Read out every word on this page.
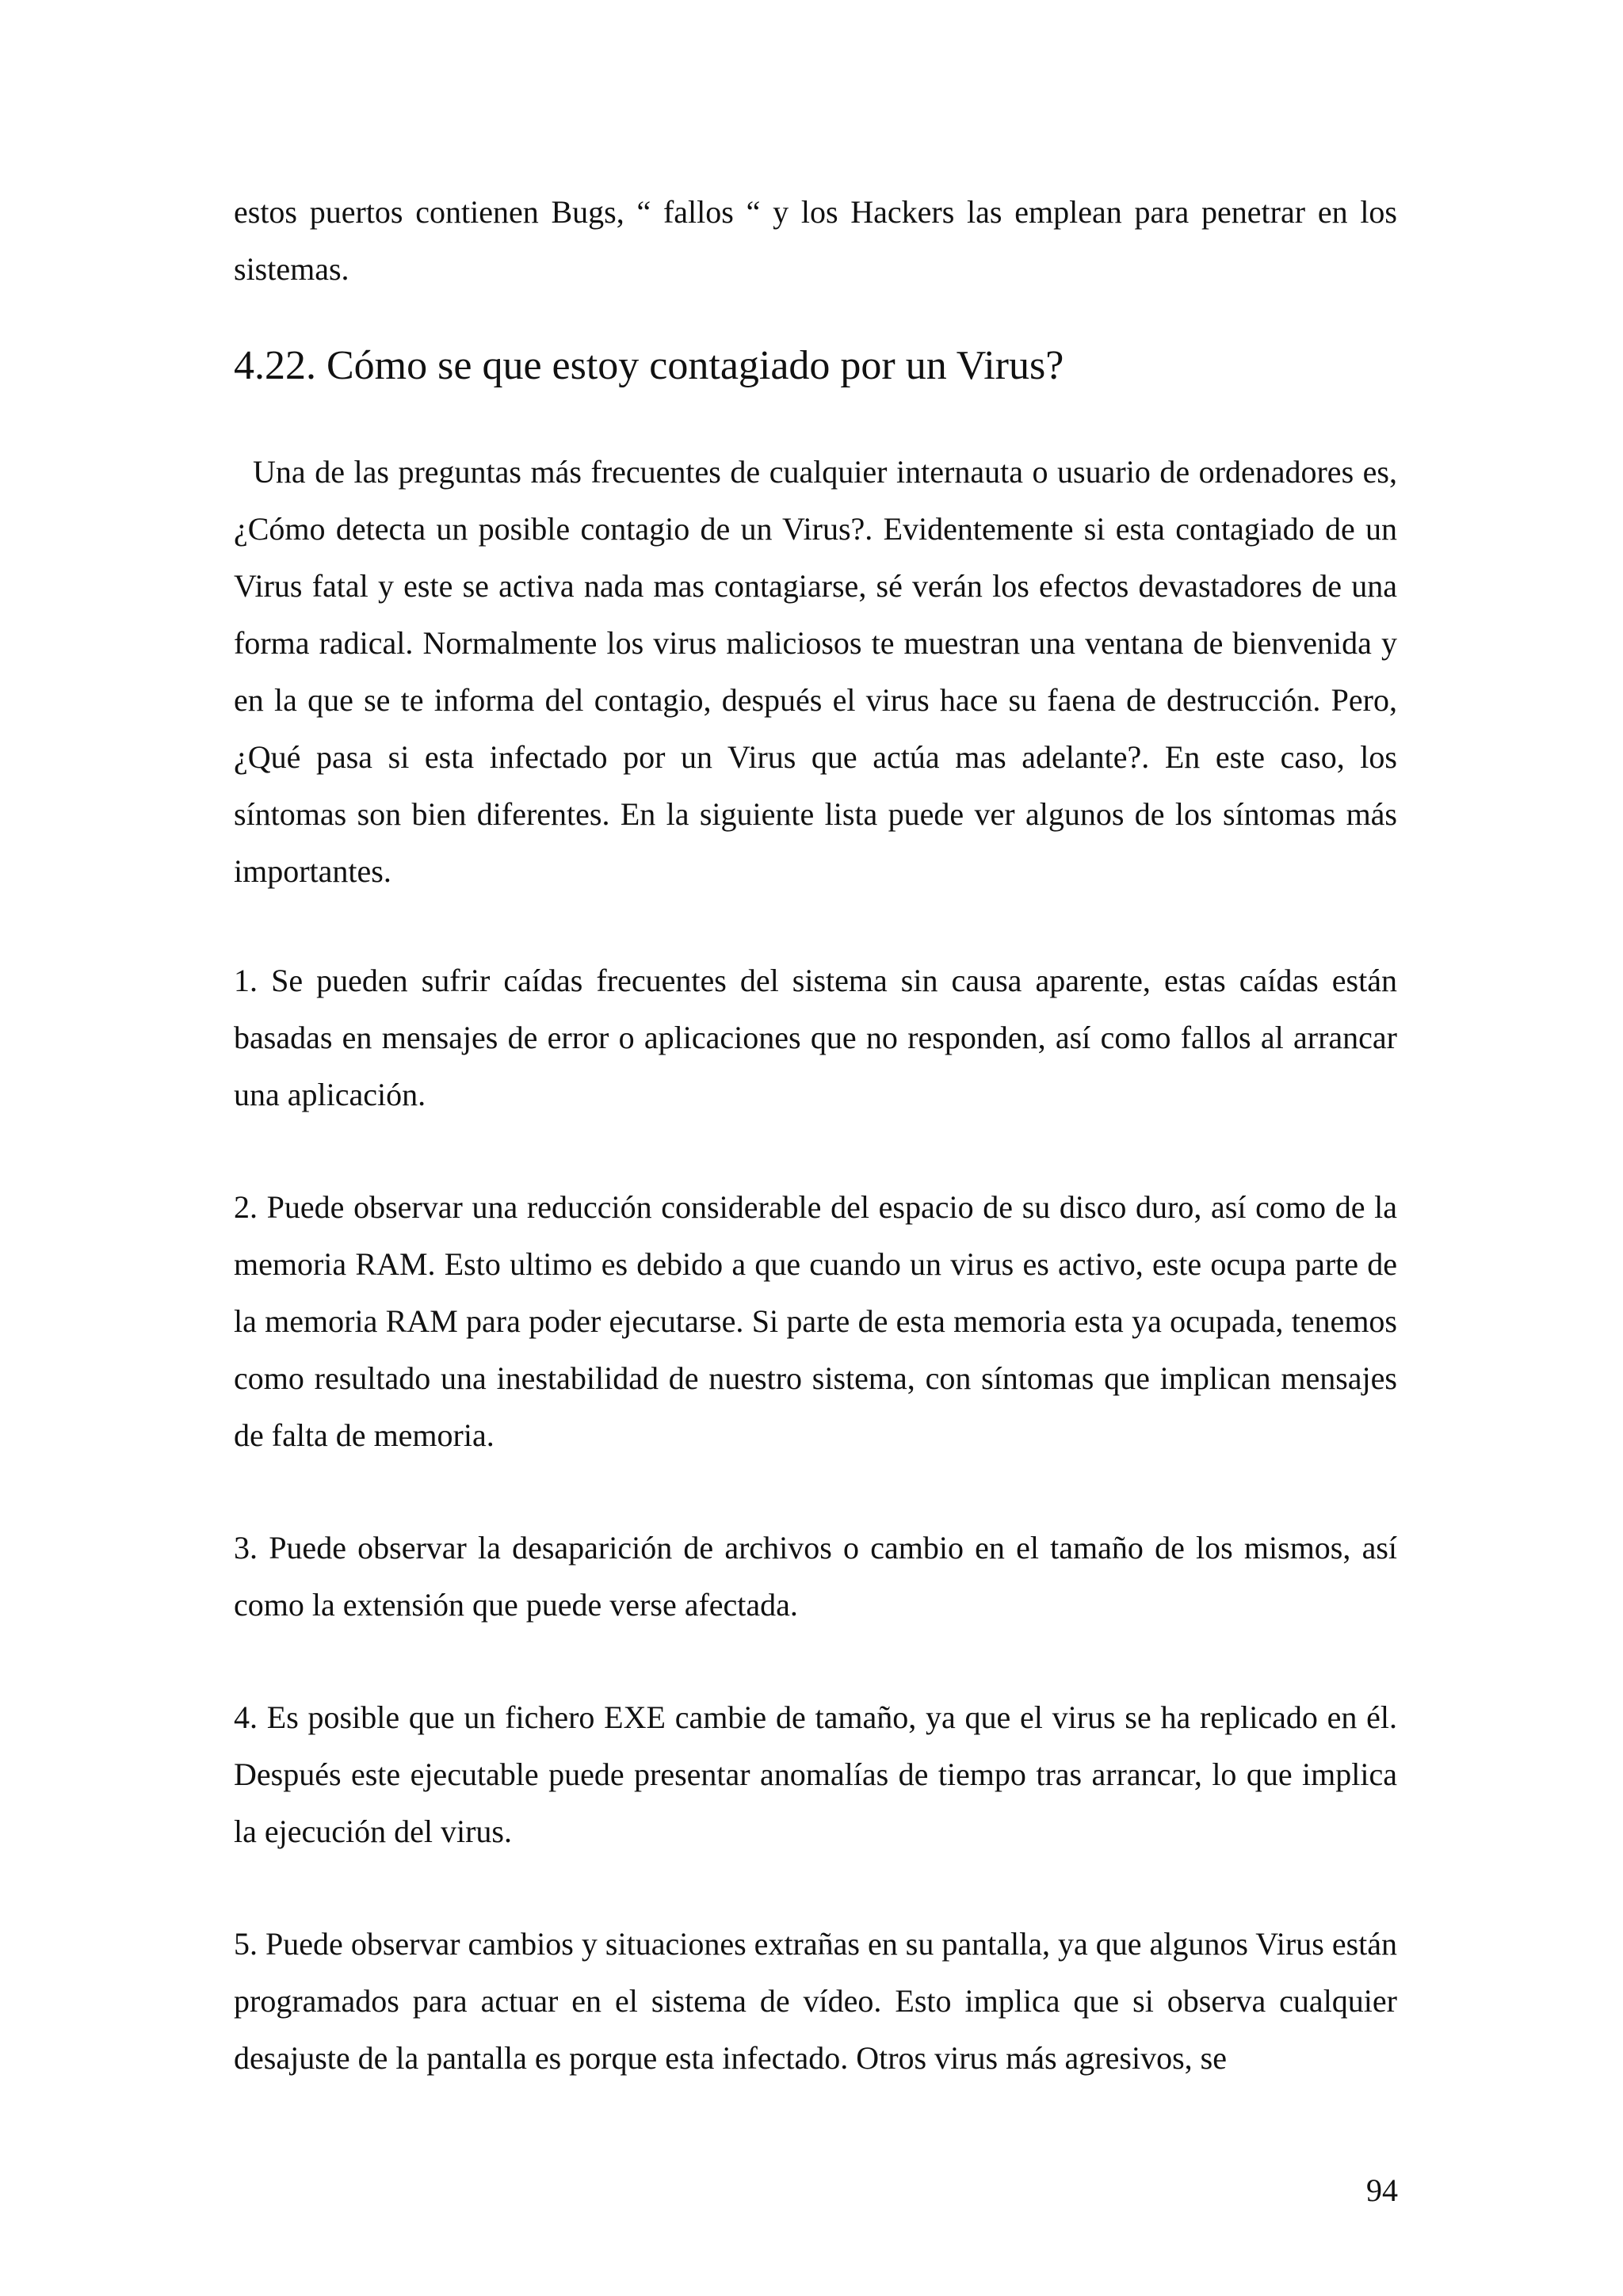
estos puertos contienen Bugs, “ fallos “ y los Hackers las emplean para penetrar en los sistemas.

4.22. Cómo se que estoy contagiado por un Virus?

Una de las preguntas más frecuentes de cualquier internauta o usuario de ordenadores es, ¿Cómo detecta un posible contagio de un Virus?. Evidentemente si esta contagiado de un Virus fatal y este se activa nada mas contagiarse, sé verán los efectos devastadores de una forma radical. Normalmente los virus maliciosos te muestran una ventana de bienvenida y en la que se te informa del contagio, después el virus hace su faena de destrucción. Pero, ¿Qué pasa si esta infectado por un Virus que actúa mas adelante?. En este caso, los síntomas son bien diferentes. En la siguiente lista puede ver algunos de los síntomas más importantes.

1. Se pueden sufrir caídas frecuentes del sistema sin causa aparente, estas caídas están basadas en mensajes de error o aplicaciones que no responden, así como fallos al arrancar una aplicación.

2. Puede observar una reducción considerable del espacio de su disco duro, así como de la memoria RAM. Esto ultimo es debido a que cuando un virus es activo, este ocupa parte de la memoria RAM para poder ejecutarse. Si parte de esta memoria esta ya ocupada, tenemos como resultado una inestabilidad de nuestro sistema, con síntomas que implican mensajes de falta de memoria.

3. Puede observar la desaparición de archivos o cambio en el tamaño de los mismos, así como la extensión que puede verse afectada.

4. Es posible que un fichero EXE cambie de tamaño, ya que el virus se ha replicado en él. Después este ejecutable puede presentar anomalías de tiempo tras arrancar, lo que implica la ejecución del virus.

5. Puede observar cambios y situaciones extrañas en su pantalla, ya que algunos Virus están programados para actuar en el sistema de vídeo. Esto implica que si observa cualquier desajuste de la pantalla es porque esta infectado. Otros virus más agresivos, se

94
